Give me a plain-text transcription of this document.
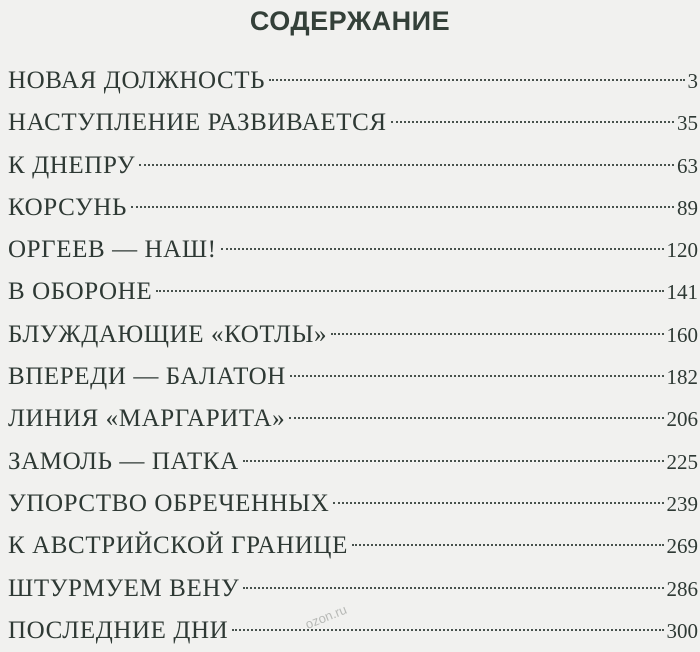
СОДЕРЖАНИЕ
НОВАЯ ДОЛЖНОСТЬ	3
НАСТУПЛЕНИЕ РАЗВИВАЕТСЯ	35
К ДНЕПРУ	63
КОРСУНЬ	89
ОРГЕЕВ — НАШ!	120
В ОБОРОНЕ	141
БЛУЖДАЮЩИЕ «КОТЛЫ»	160
ВПЕРЕДИ — БАЛАТОН	182
ЛИНИЯ «МАРГАРИТА»	206
ЗАМОЛЬ — ПАТКА	225
УПОРСТВО ОБРЕЧЕННЫХ	239
К АВСТРИЙСКОЙ ГРАНИЦЕ	269
ШТУРМУЕМ ВЕНУ	286
ПОСЛЕДНИЕ ДНИ	300
ozon.ru
